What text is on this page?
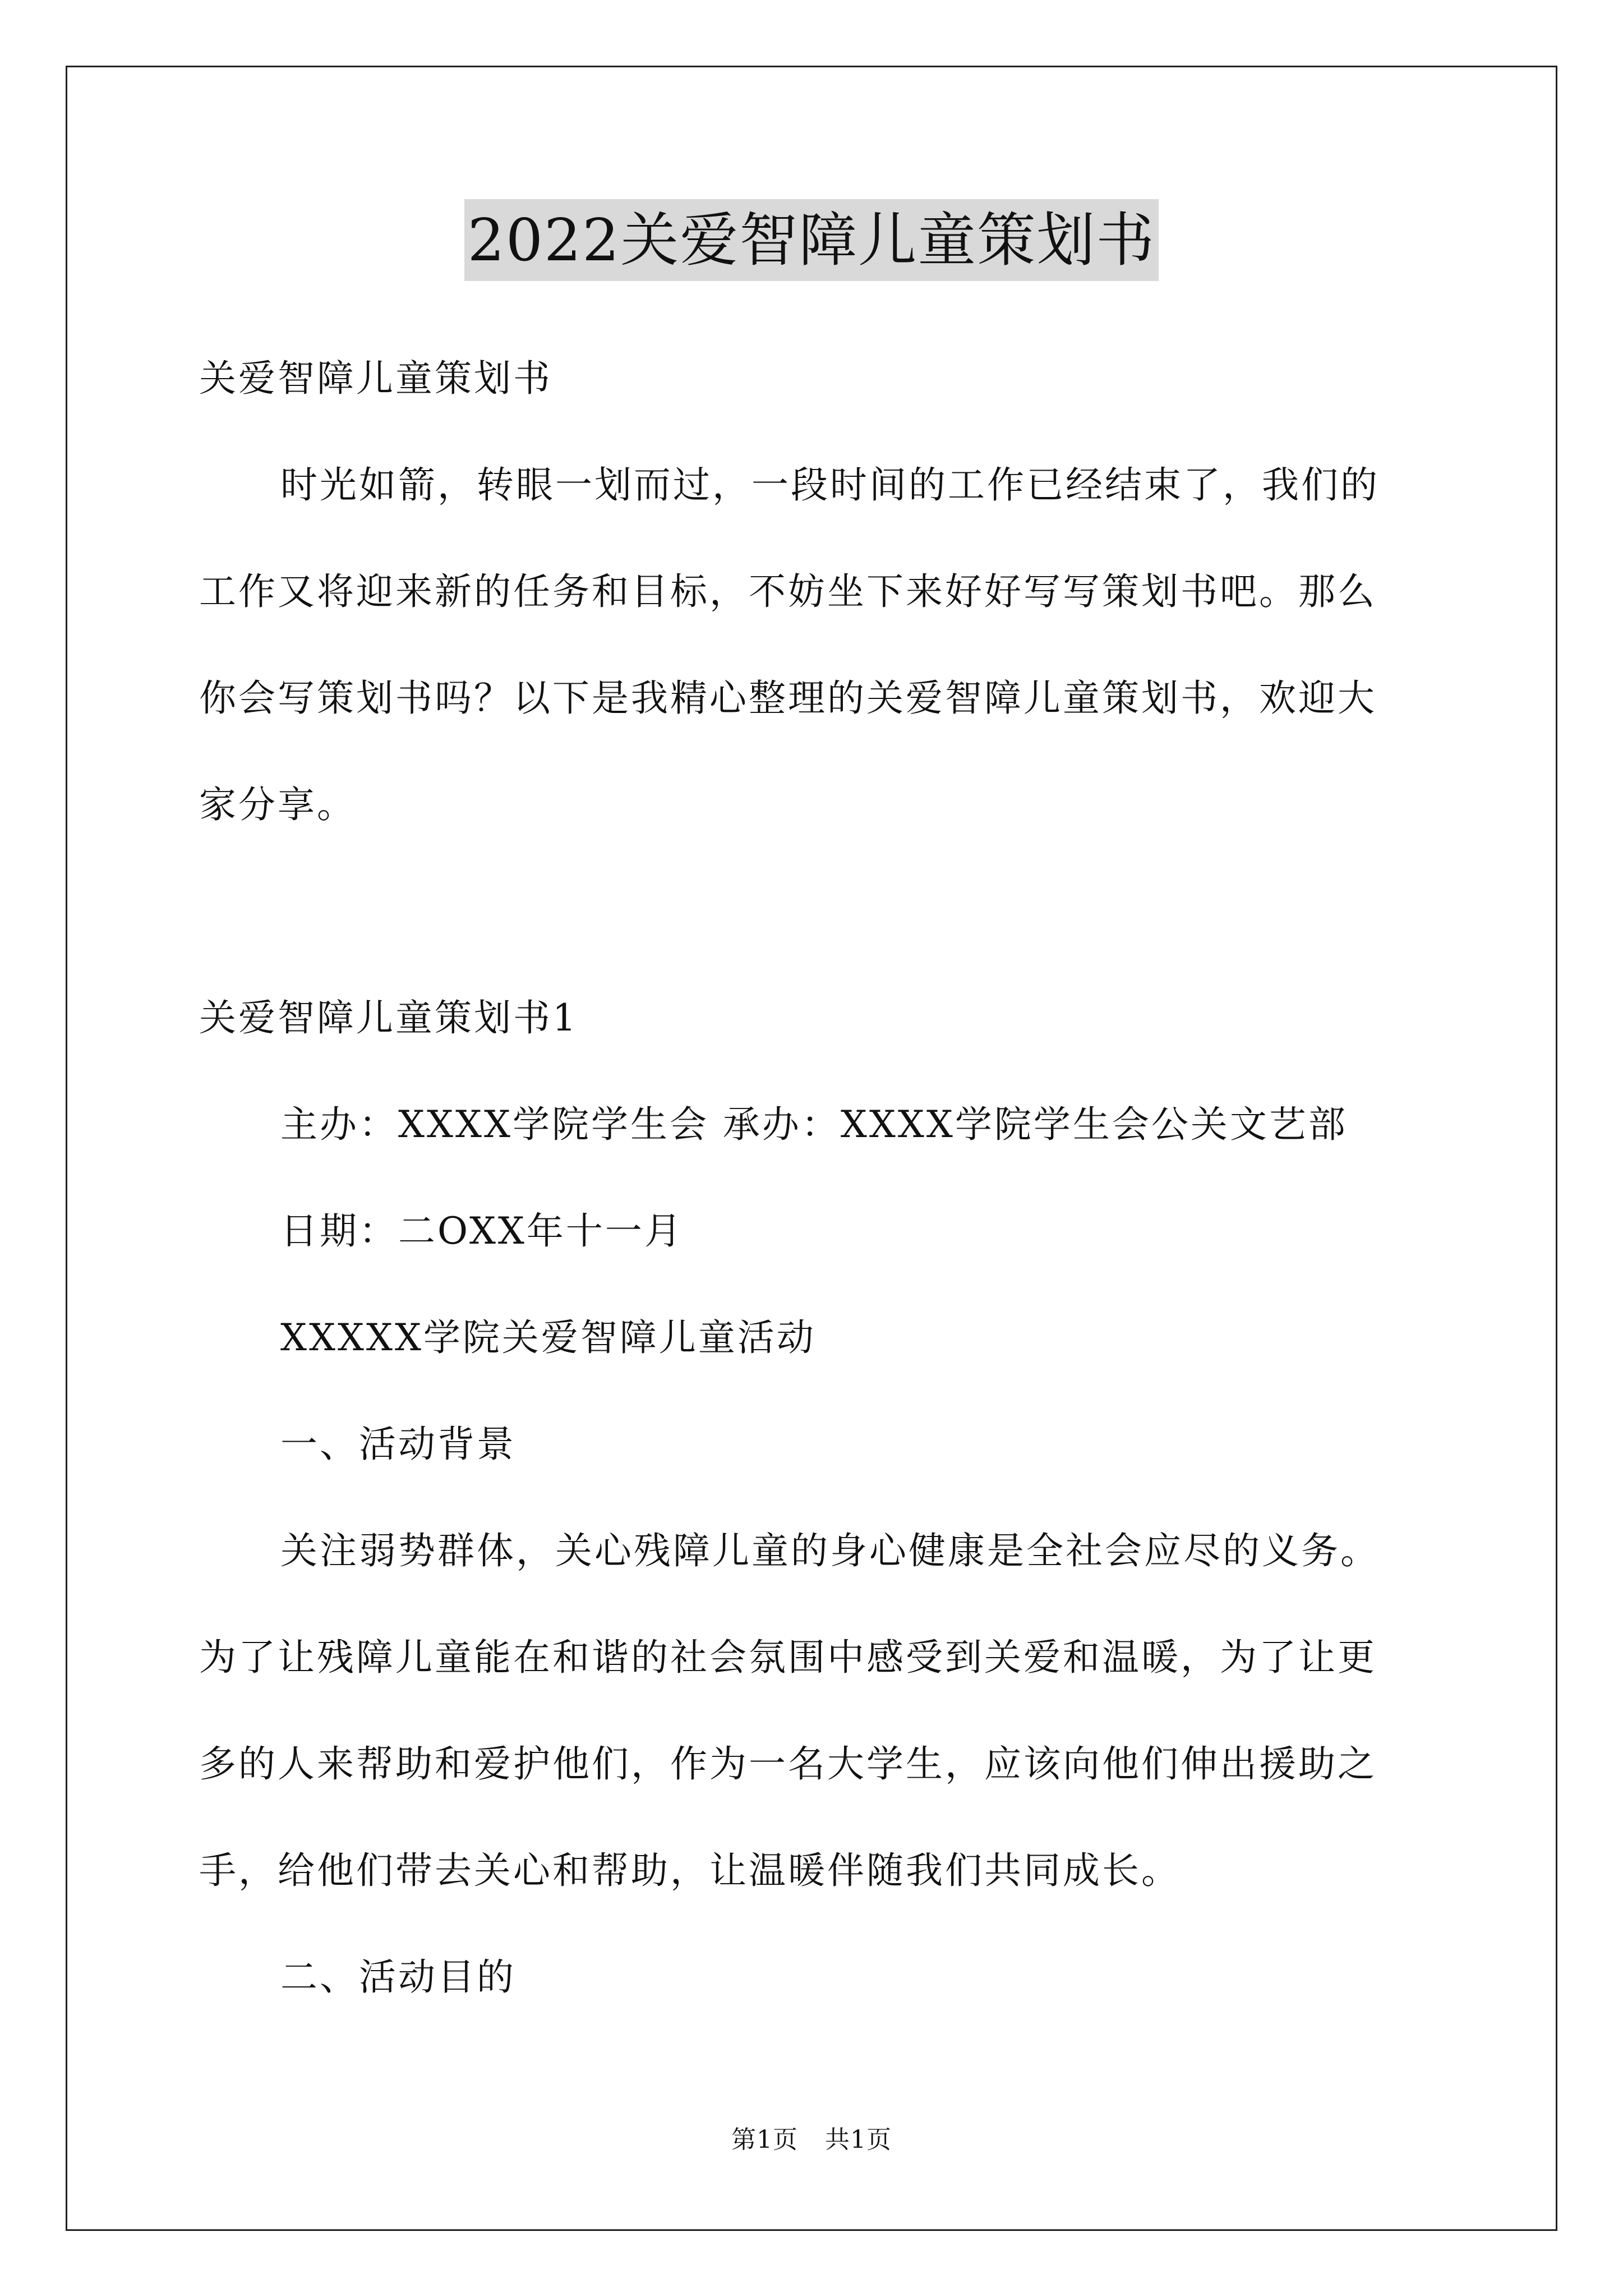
2022关爱智障儿童策划书
关爱智障儿童策划书
时光如箭，转眼一划而过，一段时间的工作已经结束了，我们的
工作又将迎来新的任务和目标，不妨坐下来好好写写策划书吧。那么
你会写策划书吗？以下是我精心整理的关爱智障儿童策划书，欢迎大
家分享。
关爱智障儿童策划书1
主办：XXXX学院学生会 承办：XXXX学院学生会公关文艺部
日期：二OXX年十一月
XXXXX学院关爱智障儿童活动
一、活动背景
关注弱势群体，关心残障儿童的身心健康是全社会应尽的义务。
为了让残障儿童能在和谐的社会氛围中感受到关爱和温暖，为了让更
多的人来帮助和爱护他们，作为一名大学生，应该向他们伸出援助之
手，给他们带去关心和帮助，让温暖伴随我们共同成长。
二、活动目的
第1页 共1页
